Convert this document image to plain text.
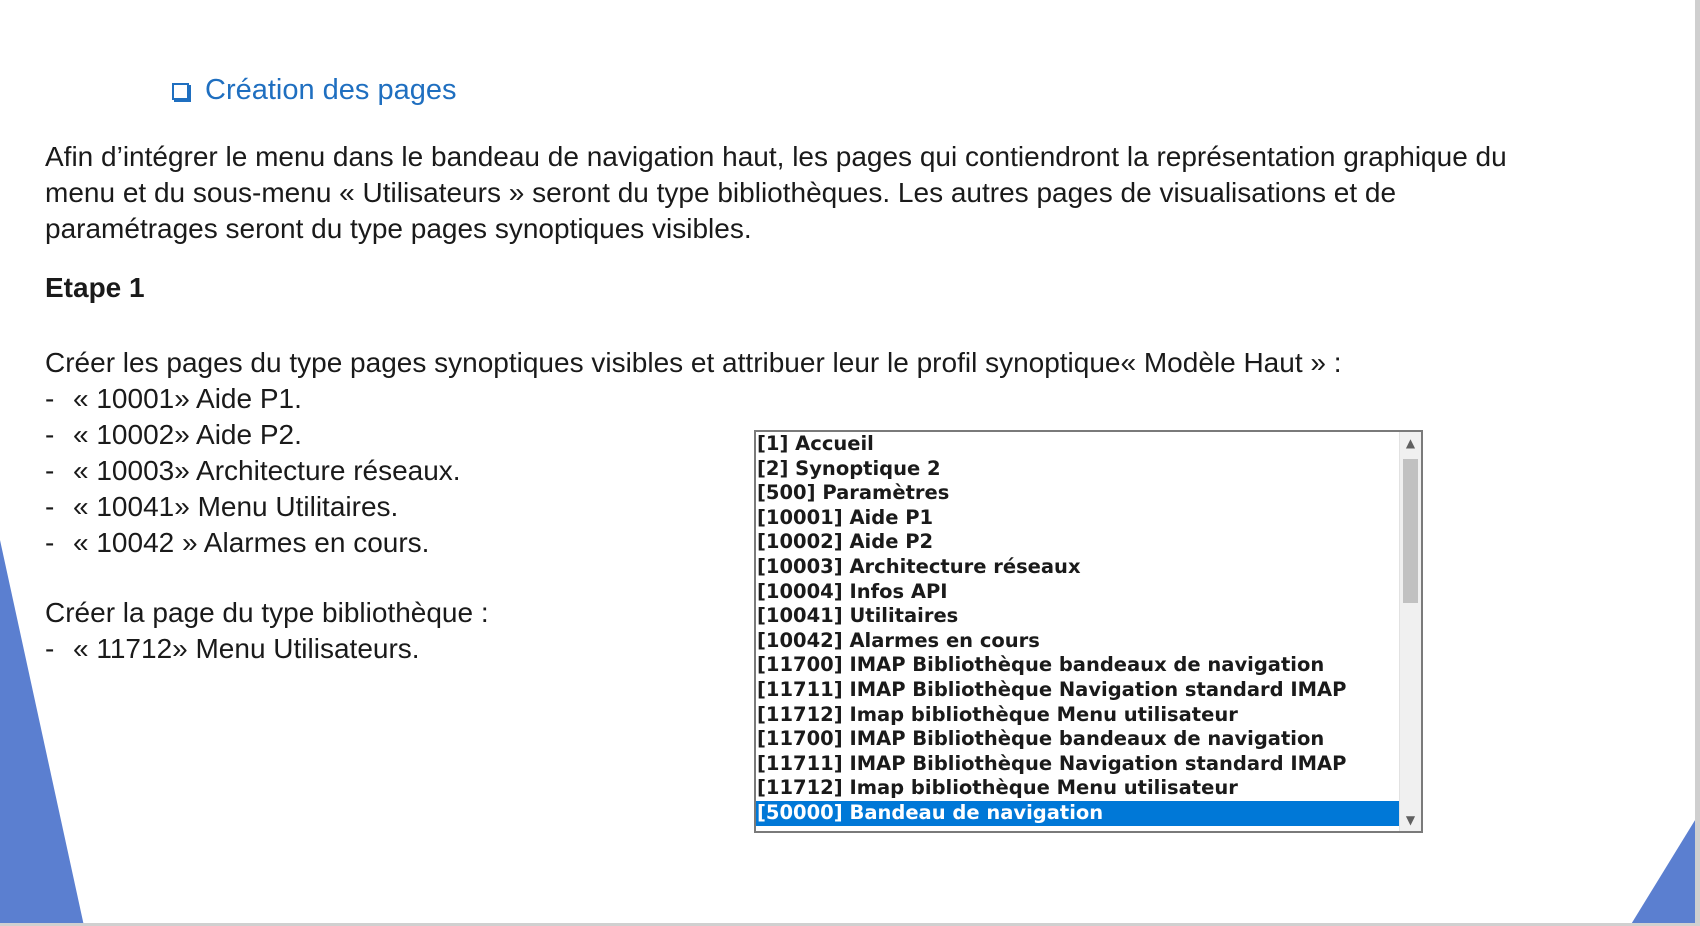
Création des pages

Afin d’intégrer le menu dans le bandeau de navigation haut, les pages qui contiendront la représentation graphique du
menu et du sous-menu « Utilisateurs » seront du type bibliothèques. Les autres pages de visualisations et de
paramétrages seront du type pages synoptiques visibles.

Etape 1

Créer les pages du type pages synoptiques visibles et attribuer leur le profil synoptique« Modèle Haut » :
- « 10001» Aide P1.
- « 10002» Aide P2.
- « 10003» Architecture réseaux.
- « 10041» Menu Utilitaires.
- « 10042 » Alarmes en cours.
Créer la page du type bibliothèque :
- « 11712» Menu Utilisateurs.
[1] Accueil
[2] Synoptique 2
[500] Paramètres
[10001] Aide P1
[10002] Aide P2
[10003] Architecture réseaux
[10004] Infos API
[10041] Utilitaires
[10042] Alarmes en cours
[11700] IMAP Bibliothèque bandeaux de navigation
[11711] IMAP Bibliothèque Navigation standard IMAP
[11712] Imap bibliothèque Menu utilisateur
[11700] IMAP Bibliothèque bandeaux de navigation
[11711] IMAP Bibliothèque Navigation standard IMAP
[11712] Imap bibliothèque Menu utilisateur
[50000] Bandeau de navigation
▲
▼
